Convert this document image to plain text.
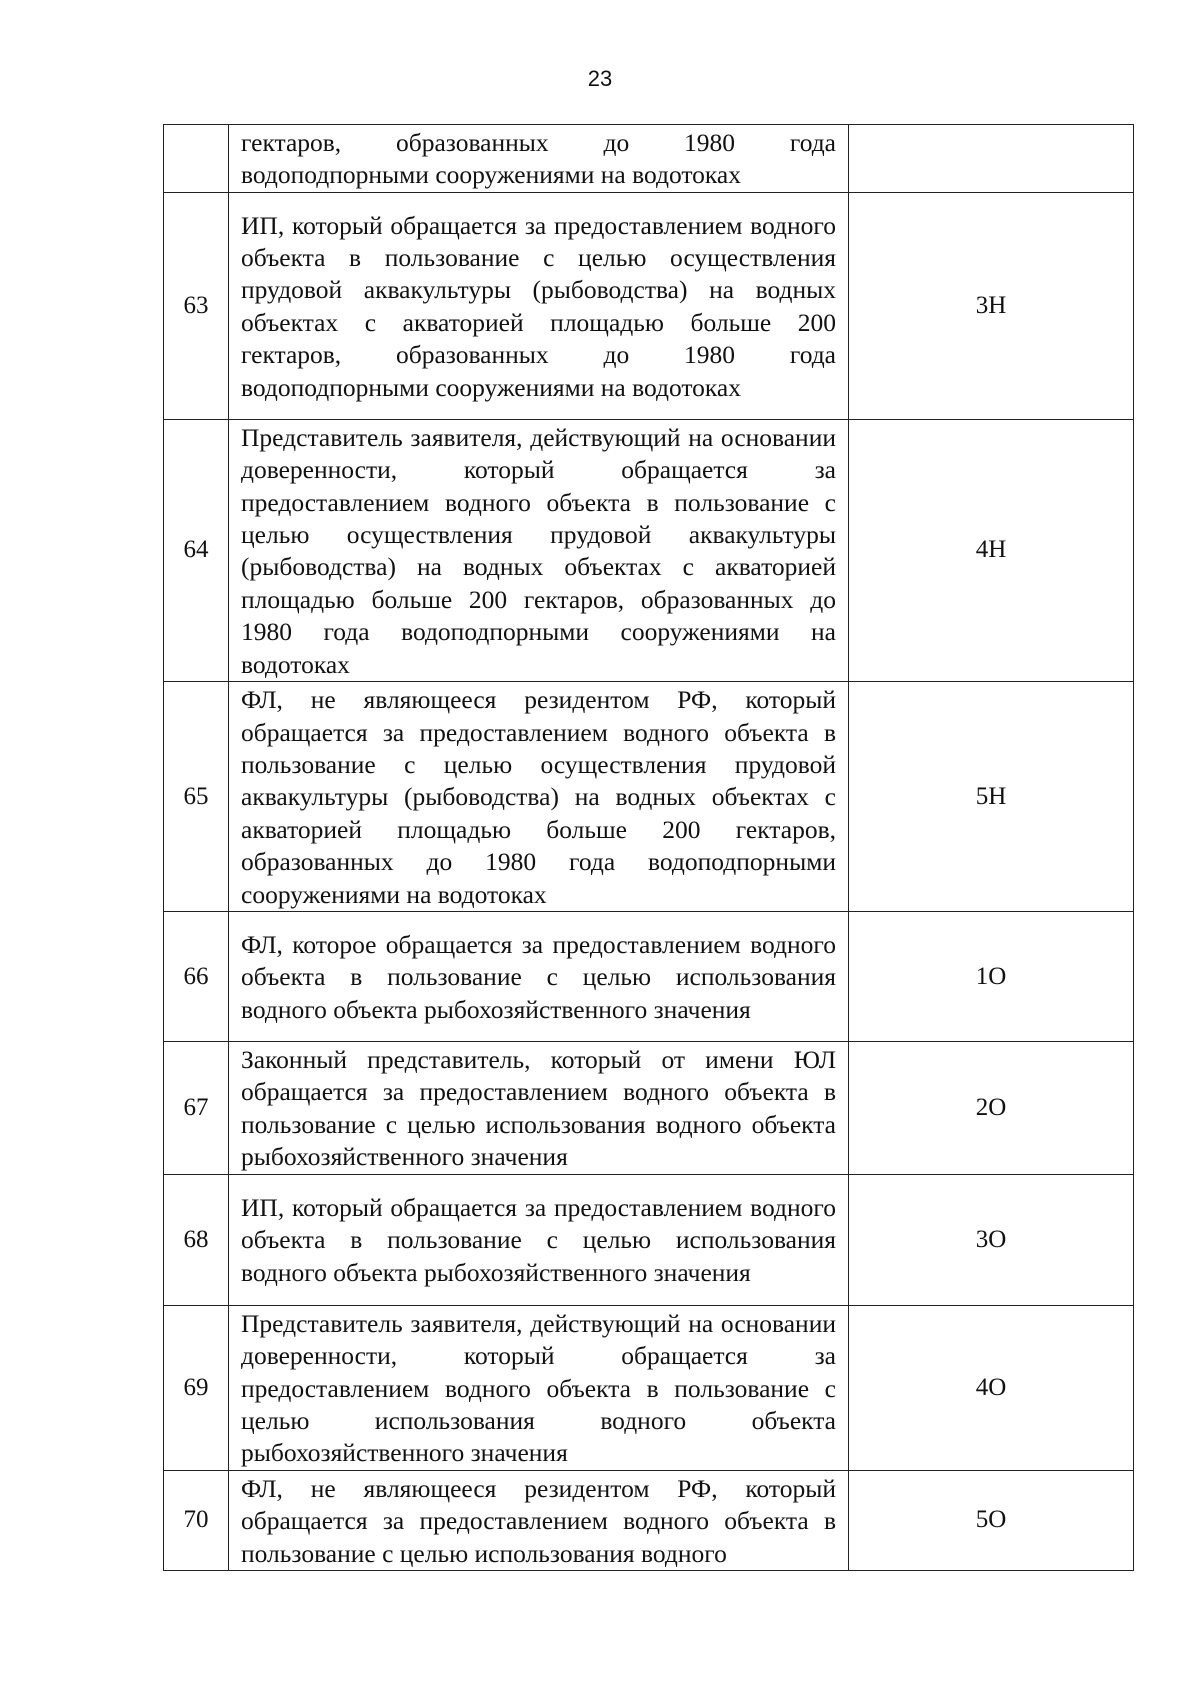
23

	гектаров, образованных до 1980 года водоподпорными сооружениями на водотоках	

63	ИП, который обращается за предоставлением водного объекта в пользование с целью осуществления прудовой аквакультуры (рыбоводства) на водных объектах с акваторией площадью больше 200 гектаров, образованных до 1980 года водоподпорными сооружениями на водотоках	3Н
64	Представитель заявителя, действующий на основании доверенности, который обращается за предоставлением водного объекта в пользование с целью осуществления прудовой аквакультуры (рыбоводства) на водных объектах с акваторией площадью больше 200 гектаров, образованных до 1980 года водоподпорными сооружениями на водотоках	4Н
65	ФЛ, не являющееся резидентом РФ, который обращается за предоставлением водного объекта в пользование с целью осуществления прудовой аквакультуры (рыбоводства) на водных объектах с акваторией площадью больше 200 гектаров, образованных до 1980 года водоподпорными сооружениями на водотоках	5Н
66	ФЛ, которое обращается за предоставлением водного объекта в пользование с целью использования водного объекта рыбохозяйственного значения	1О
67	Законный представитель, который от имени ЮЛ обращается за предоставлением водного объекта в пользование с целью использования водного объекта рыбохозяйственного значения	2О
68	ИП, который обращается за предоставлением водного объекта в пользование с целью использования водного объекта рыбохозяйственного значения	3О
69	Представитель заявителя, действующий на основании доверенности, который обращается за предоставлением водного объекта в пользование с целью использования водного объекта рыбохозяйственного значения	4О
70	ФЛ, не являющееся резидентом РФ, который обращается за предоставлением водного объекта в пользование с целью использования водного	5О
